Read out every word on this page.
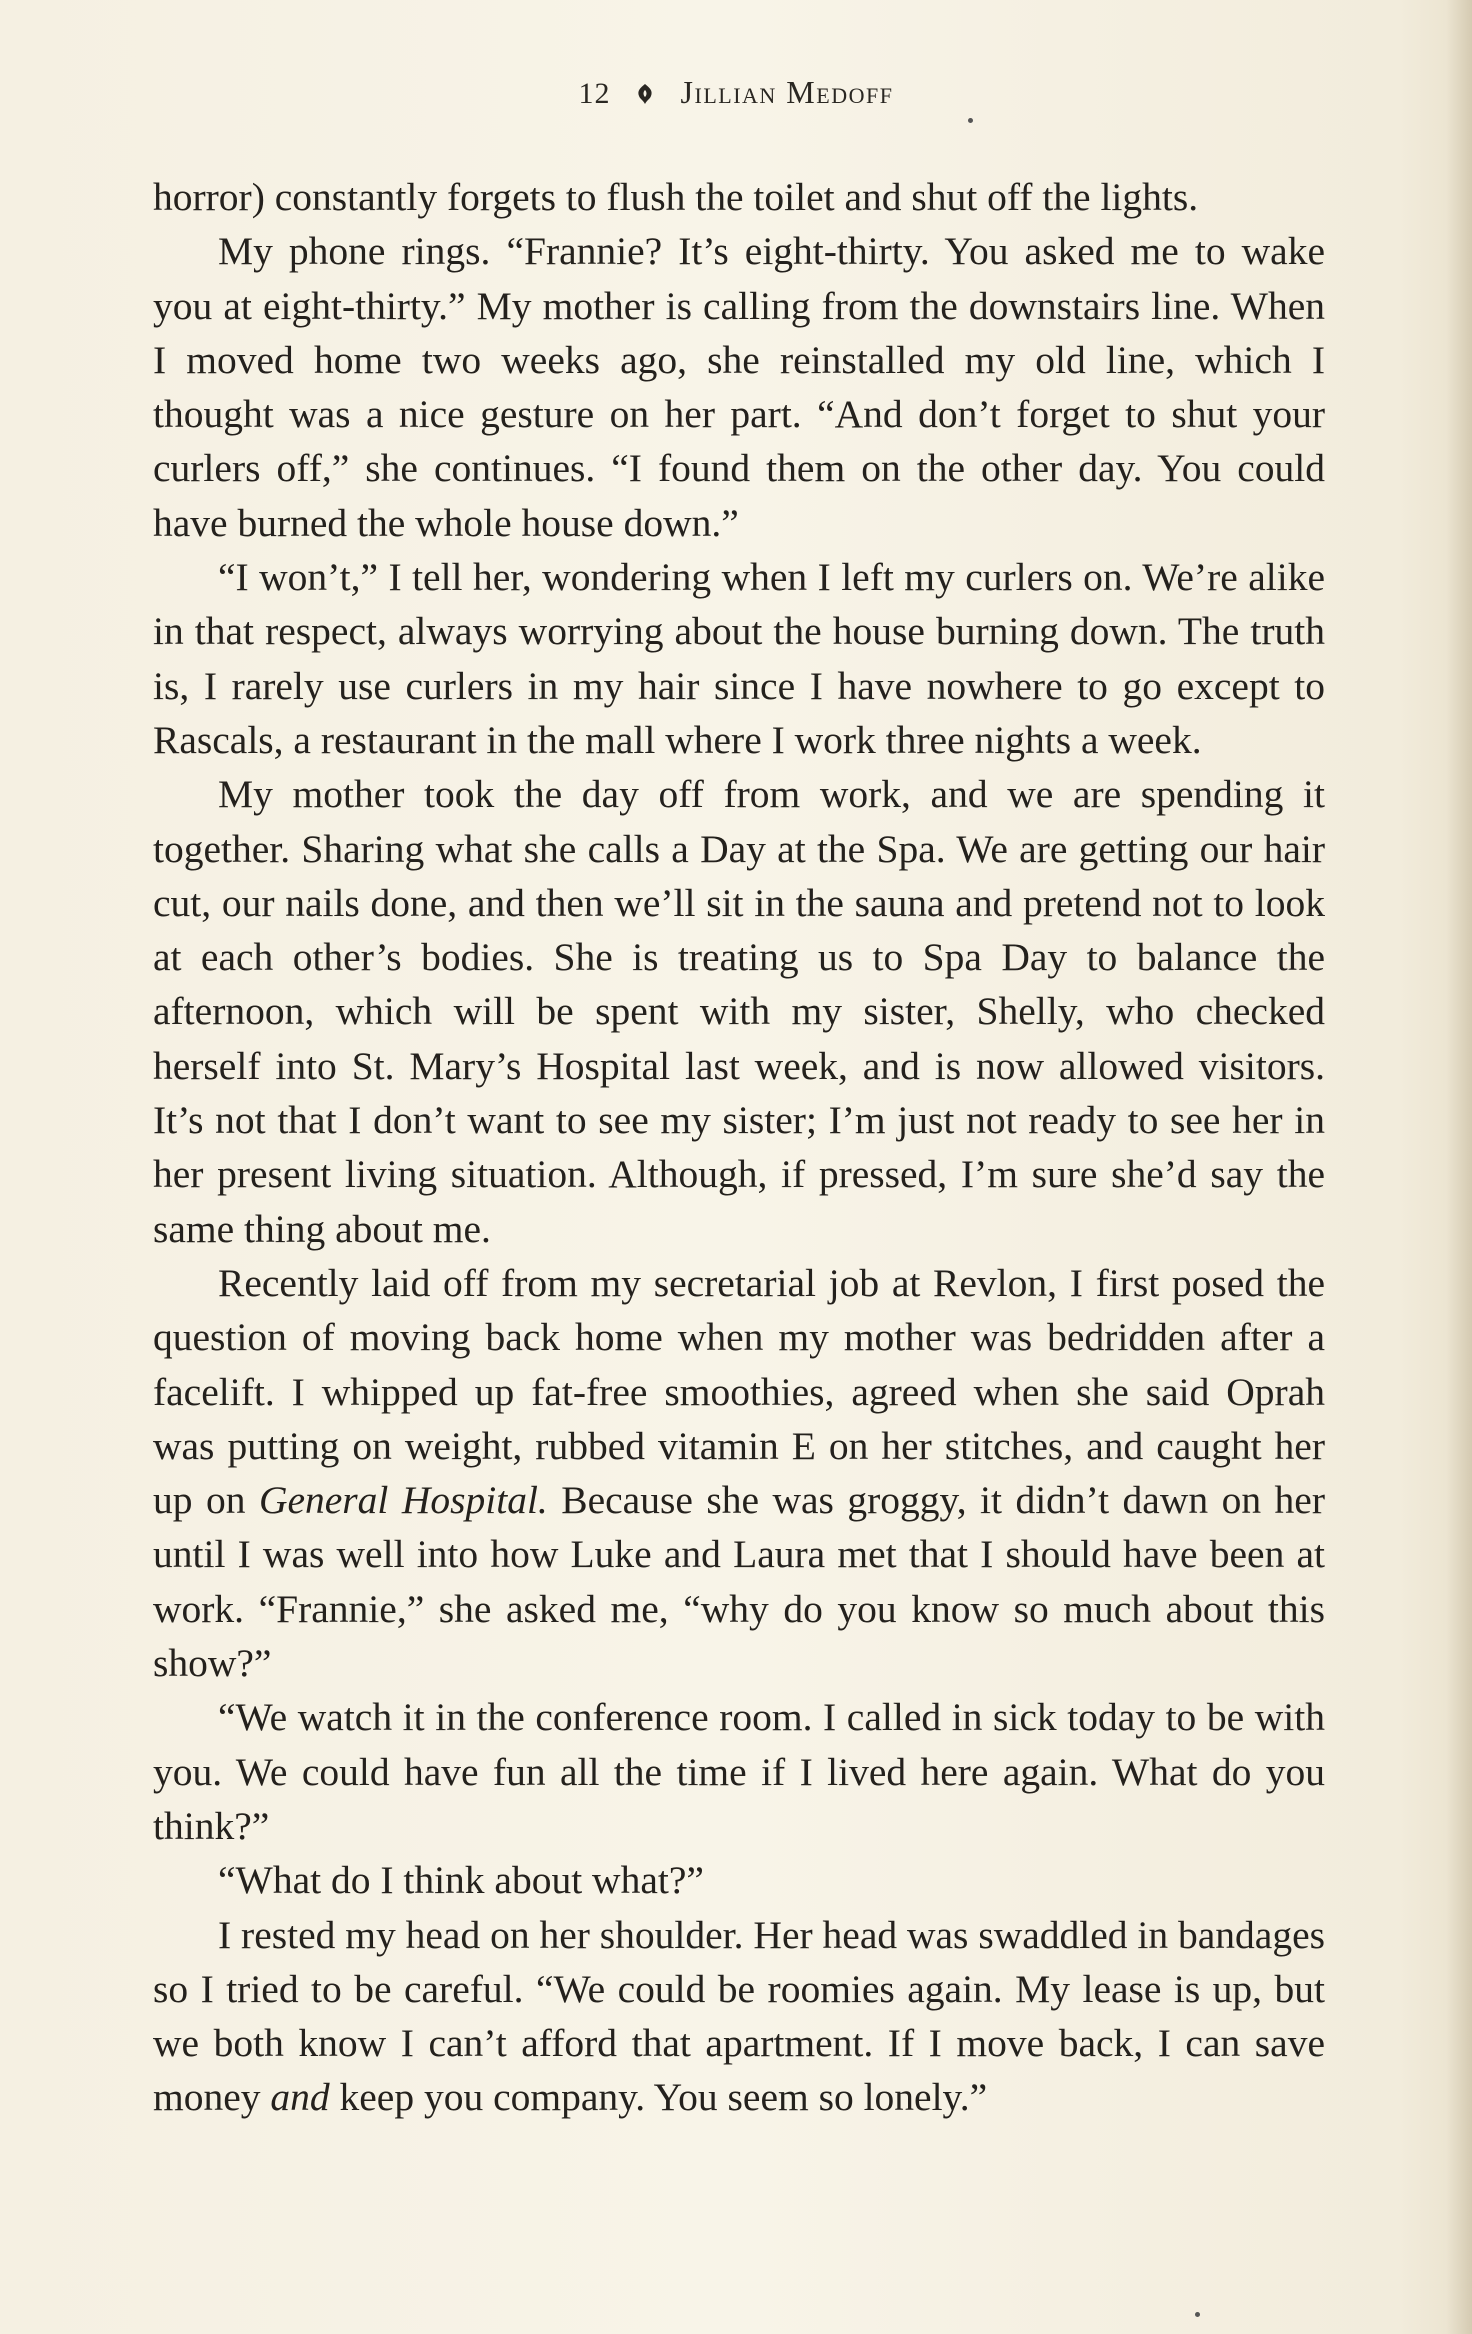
12 Jillian Medoff

horror) constantly forgets to flush the toilet and shut off the lights.

My phone rings. “Frannie? It’s eight-thirty. You asked me to wake you at eight-thirty.” My mother is calling from the downstairs line. When I moved home two weeks ago, she reinstalled my old line, which I thought was a nice gesture on her part. “And don’t forget to shut your curlers off,” she continues. “I found them on the other day. You could have burned the whole house down.”

“I won’t,” I tell her, wondering when I left my curlers on. We’re alike in that respect, always worrying about the house burning down. The truth is, I rarely use curlers in my hair since I have nowhere to go except to Rascals, a restaurant in the mall where I work three nights a week.

My mother took the day off from work, and we are spending it together. Sharing what she calls a Day at the Spa. We are getting our hair cut, our nails done, and then we’ll sit in the sauna and pretend not to look at each other’s bodies. She is treating us to Spa Day to balance the afternoon, which will be spent with my sister, Shelly, who checked herself into St. Mary’s Hospital last week, and is now allowed visitors. It’s not that I don’t want to see my sister; I’m just not ready to see her in her present living situation. Although, if pressed, I’m sure she’d say the same thing about me.

Recently laid off from my secretarial job at Revlon, I first posed the question of moving back home when my mother was bedridden after a facelift. I whipped up fat-free smoothies, agreed when she said Oprah was putting on weight, rubbed vitamin E on her stitches, and caught her up on General Hospital. Because she was groggy, it didn’t dawn on her until I was well into how Luke and Laura met that I should have been at work. “Frannie,” she asked me, “why do you know so much about this show?”

“We watch it in the conference room. I called in sick today to be with you. We could have fun all the time if I lived here again. What do you think?”

“What do I think about what?”

I rested my head on her shoulder. Her head was swaddled in bandages so I tried to be careful. “We could be roomies again. My lease is up, but we both know I can’t afford that apartment. If I move back, I can save money and keep you company. You seem so lonely.”
